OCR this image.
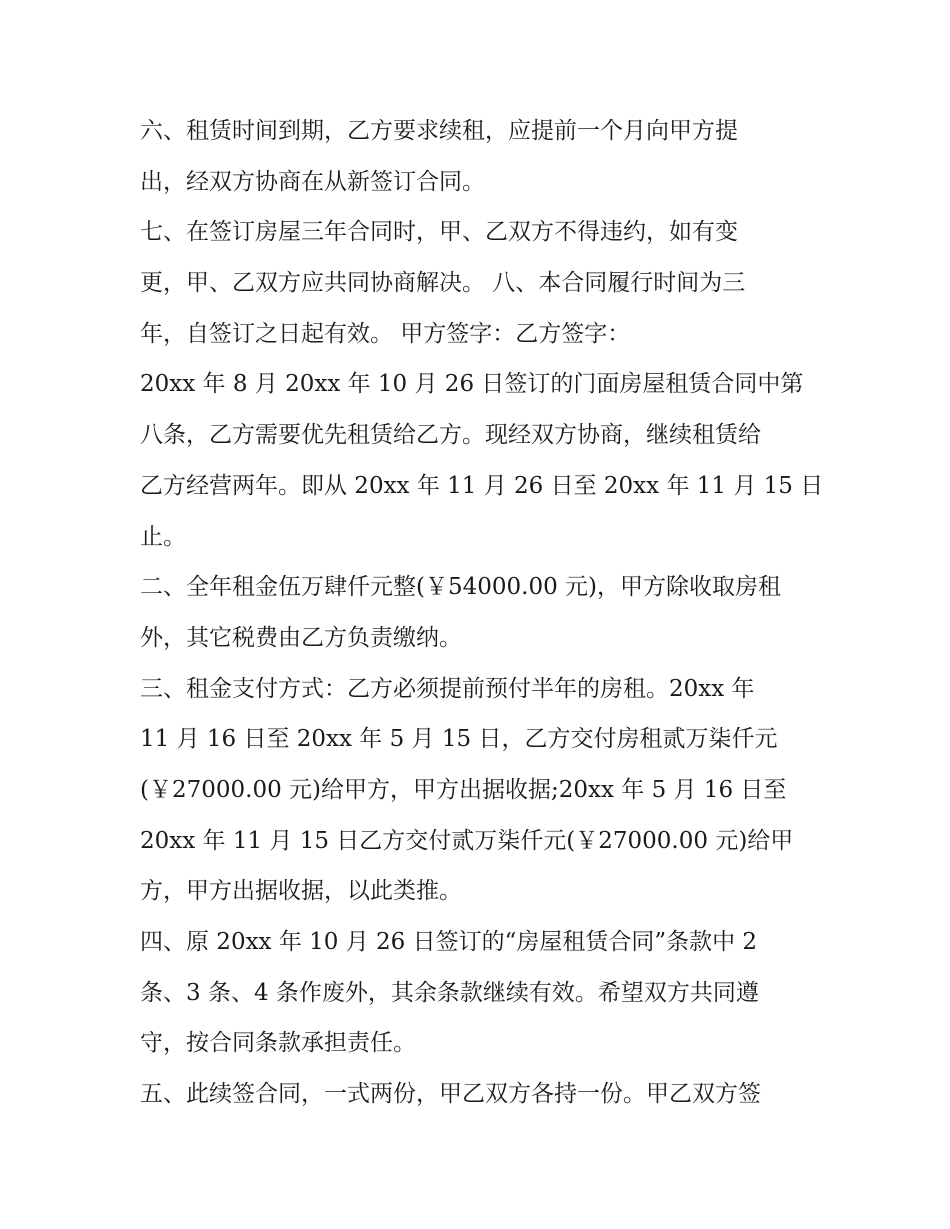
六、租赁时间到期，乙方要求续租，应提前一个月向甲方提
出，经双方协商在从新签订合同。
七、在签订房屋三年合同时，甲、乙双方不得违约，如有变
更，甲、乙双方应共同协商解决。 八、本合同履行时间为三
年，自签订之日起有效。 甲方签字：乙方签字：
20xx 年 8 月 20xx 年 10 月 26 日签订的门面房屋租赁合同中第
八条，乙方需要优先租赁给乙方。现经双方协商，继续租赁给
乙方经营两年。即从 20xx 年 11 月 26 日至 20xx 年 11 月 15 日
止。
二、全年租金伍万肆仟元整(￥54000.00 元)，甲方除收取房租
外，其它税费由乙方负责缴纳。
三、租金支付方式：乙方必须提前预付半年的房租。20xx 年
11 月 16 日至 20xx 年 5 月 15 日，乙方交付房租贰万柒仟元
(￥27000.00 元)给甲方，甲方出据收据;20xx 年 5 月 16 日至
20xx 年 11 月 15 日乙方交付贰万柒仟元(￥27000.00 元)给甲
方，甲方出据收据，以此类推。
四、原 20xx 年 10 月 26 日签订的“房屋租赁合同”条款中 2
条、3 条、4 条作废外，其余条款继续有效。希望双方共同遵
守，按合同条款承担责任。
五、此续签合同，一式两份，甲乙双方各持一份。甲乙双方签
